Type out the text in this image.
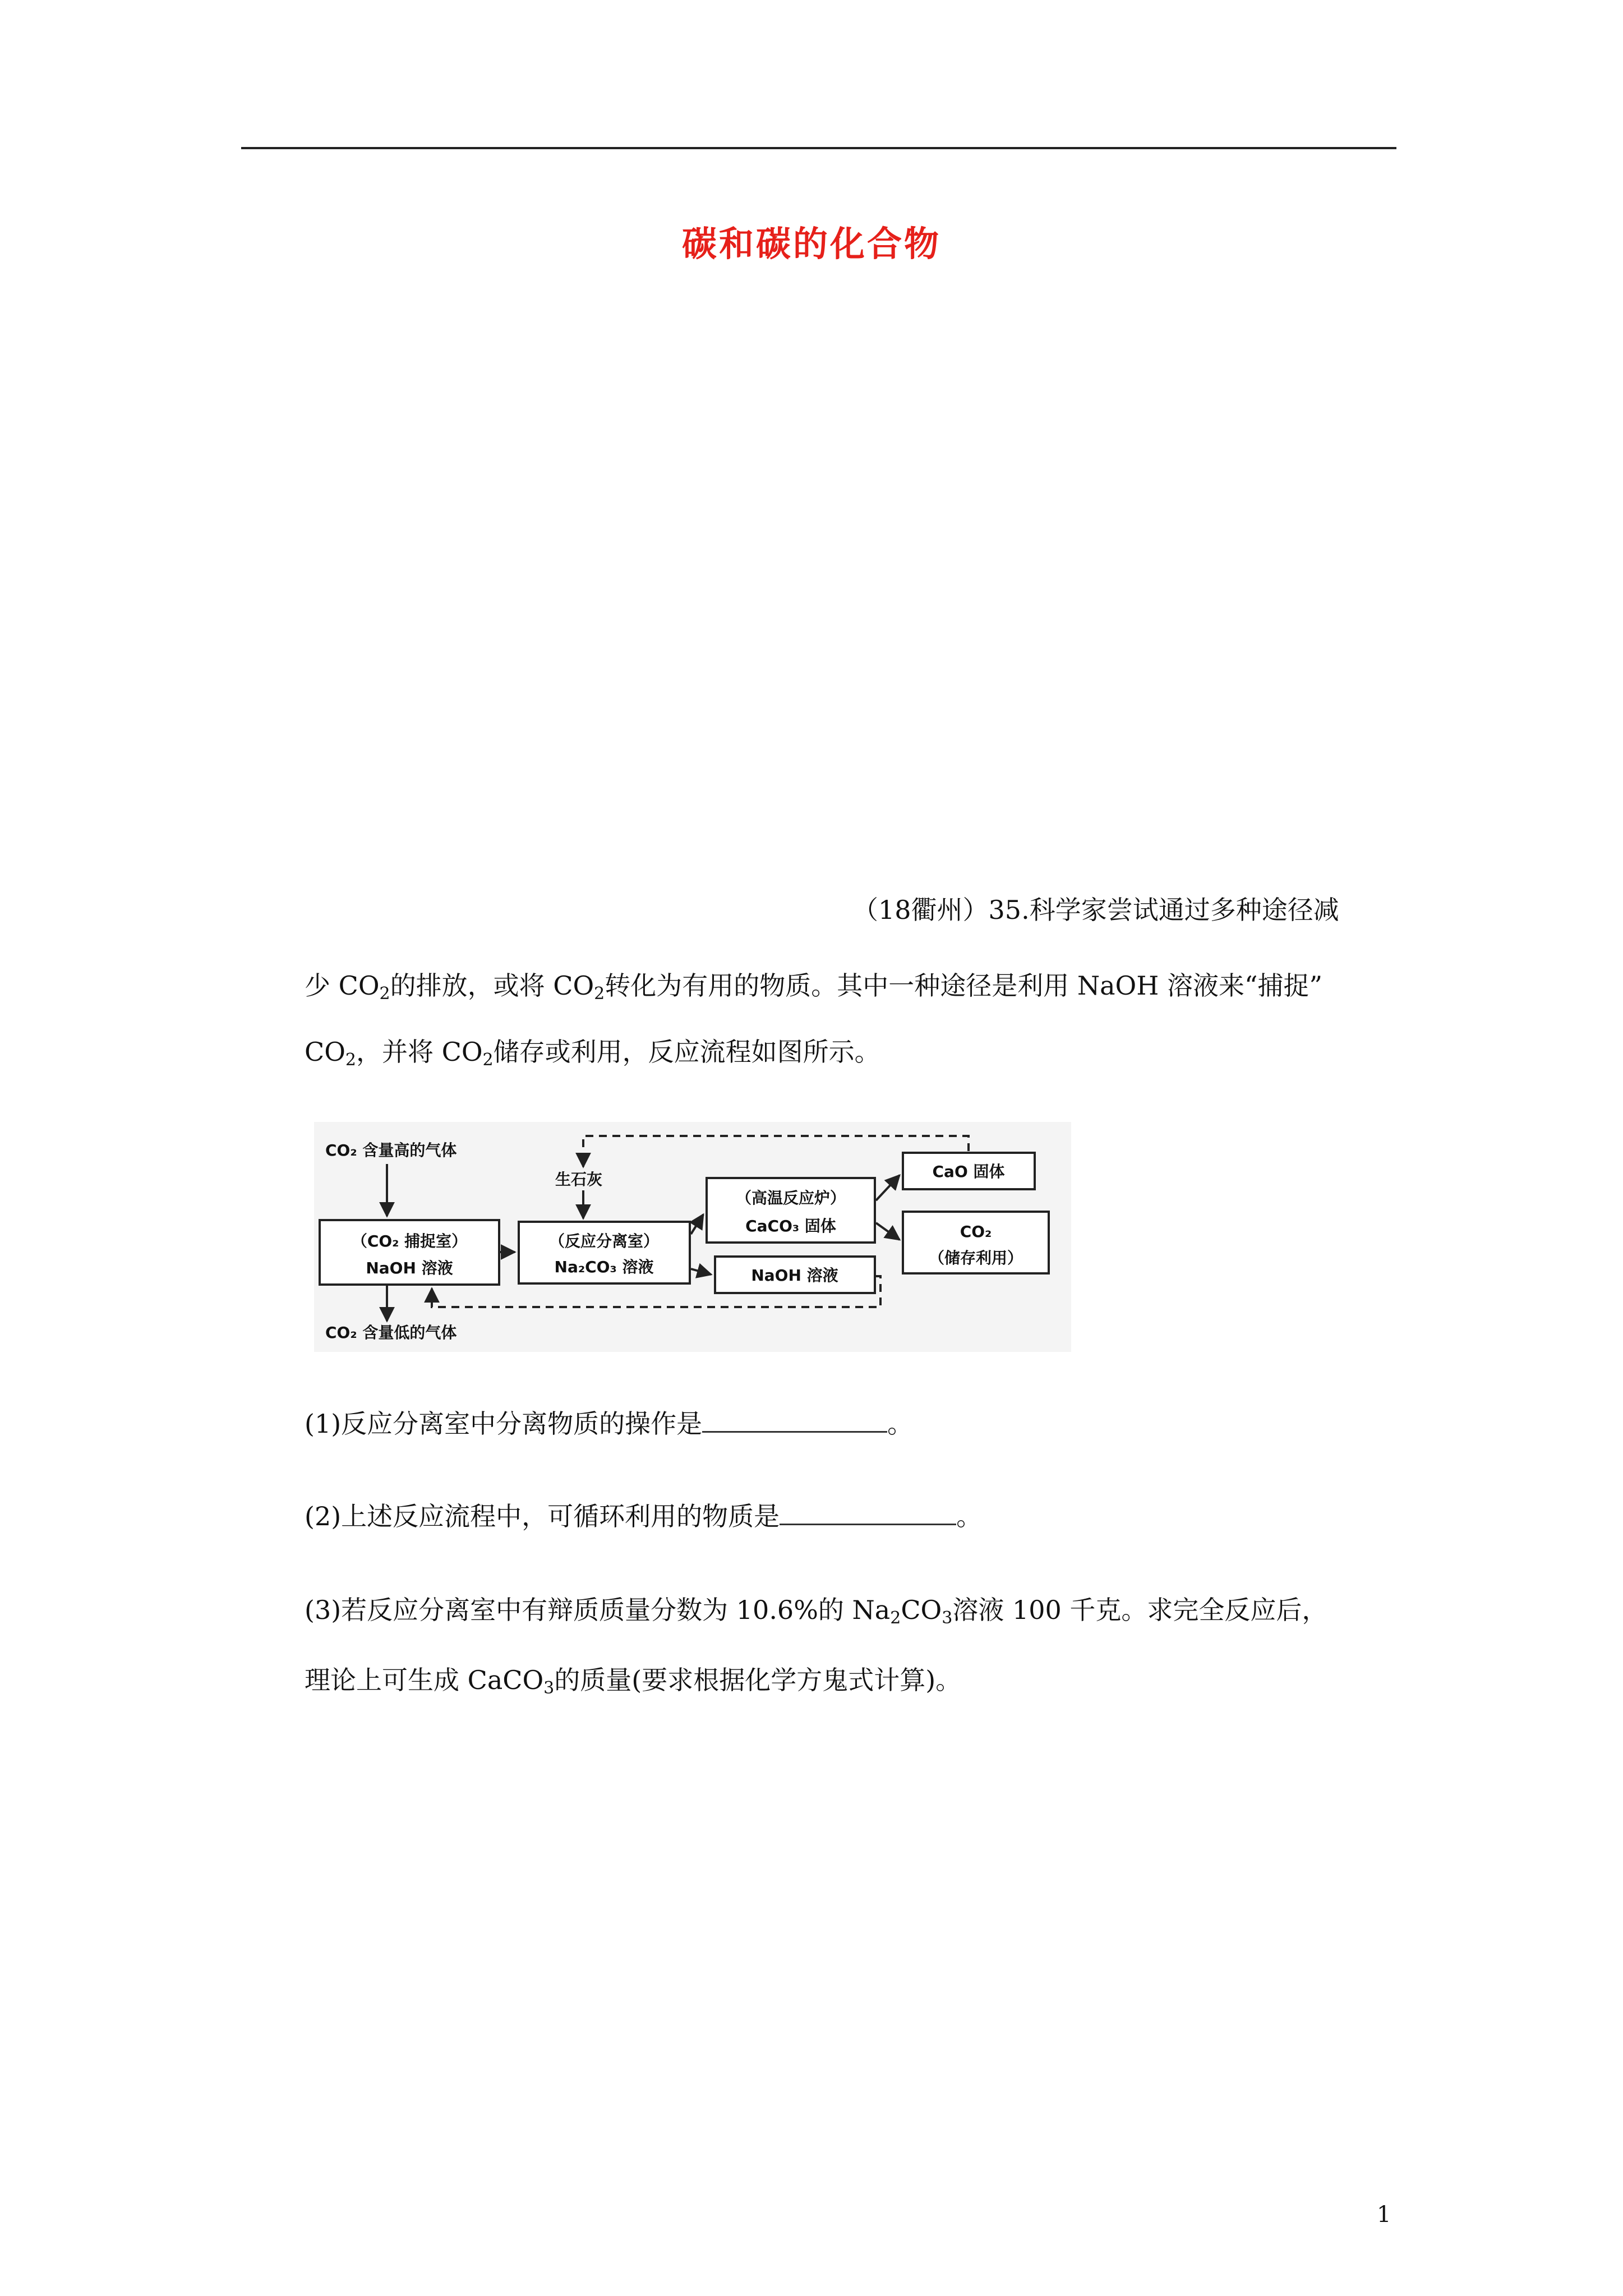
碳和碳的化合物
（18衢州）35.科学家尝试通过多种途径减
少 $CO_2$的排放，或将 $CO_2$转化为有用的物质。其中一种途径是利用 NaOH 溶液来“捕捉”
$CO_2$，并将 $CO_2$储存或利用，反应流程如图所示。
CO₂ 含量高的气体
CO₂ 含量低的气体
生石灰
（CO₂ 捕捉室）
NaOH 溶液
（反应分离室）
Na₂CO₃ 溶液
（高温反应炉）
CaCO₃ 固体
NaOH 溶液
CaO 固体
CO₂
（储存利用）
(1)反应分离室中分离物质的操作是	。
(2)上述反应流程中，可循环利用的物质是	。
(3)若反应分离室中有辩质质量分数为 10.6%的 $Na_2CO_3$溶液 100 千克。求完全反应后，
理论上可生成 CaCO$_3$的质量(要求根据化学方鬼式计算)。
1
